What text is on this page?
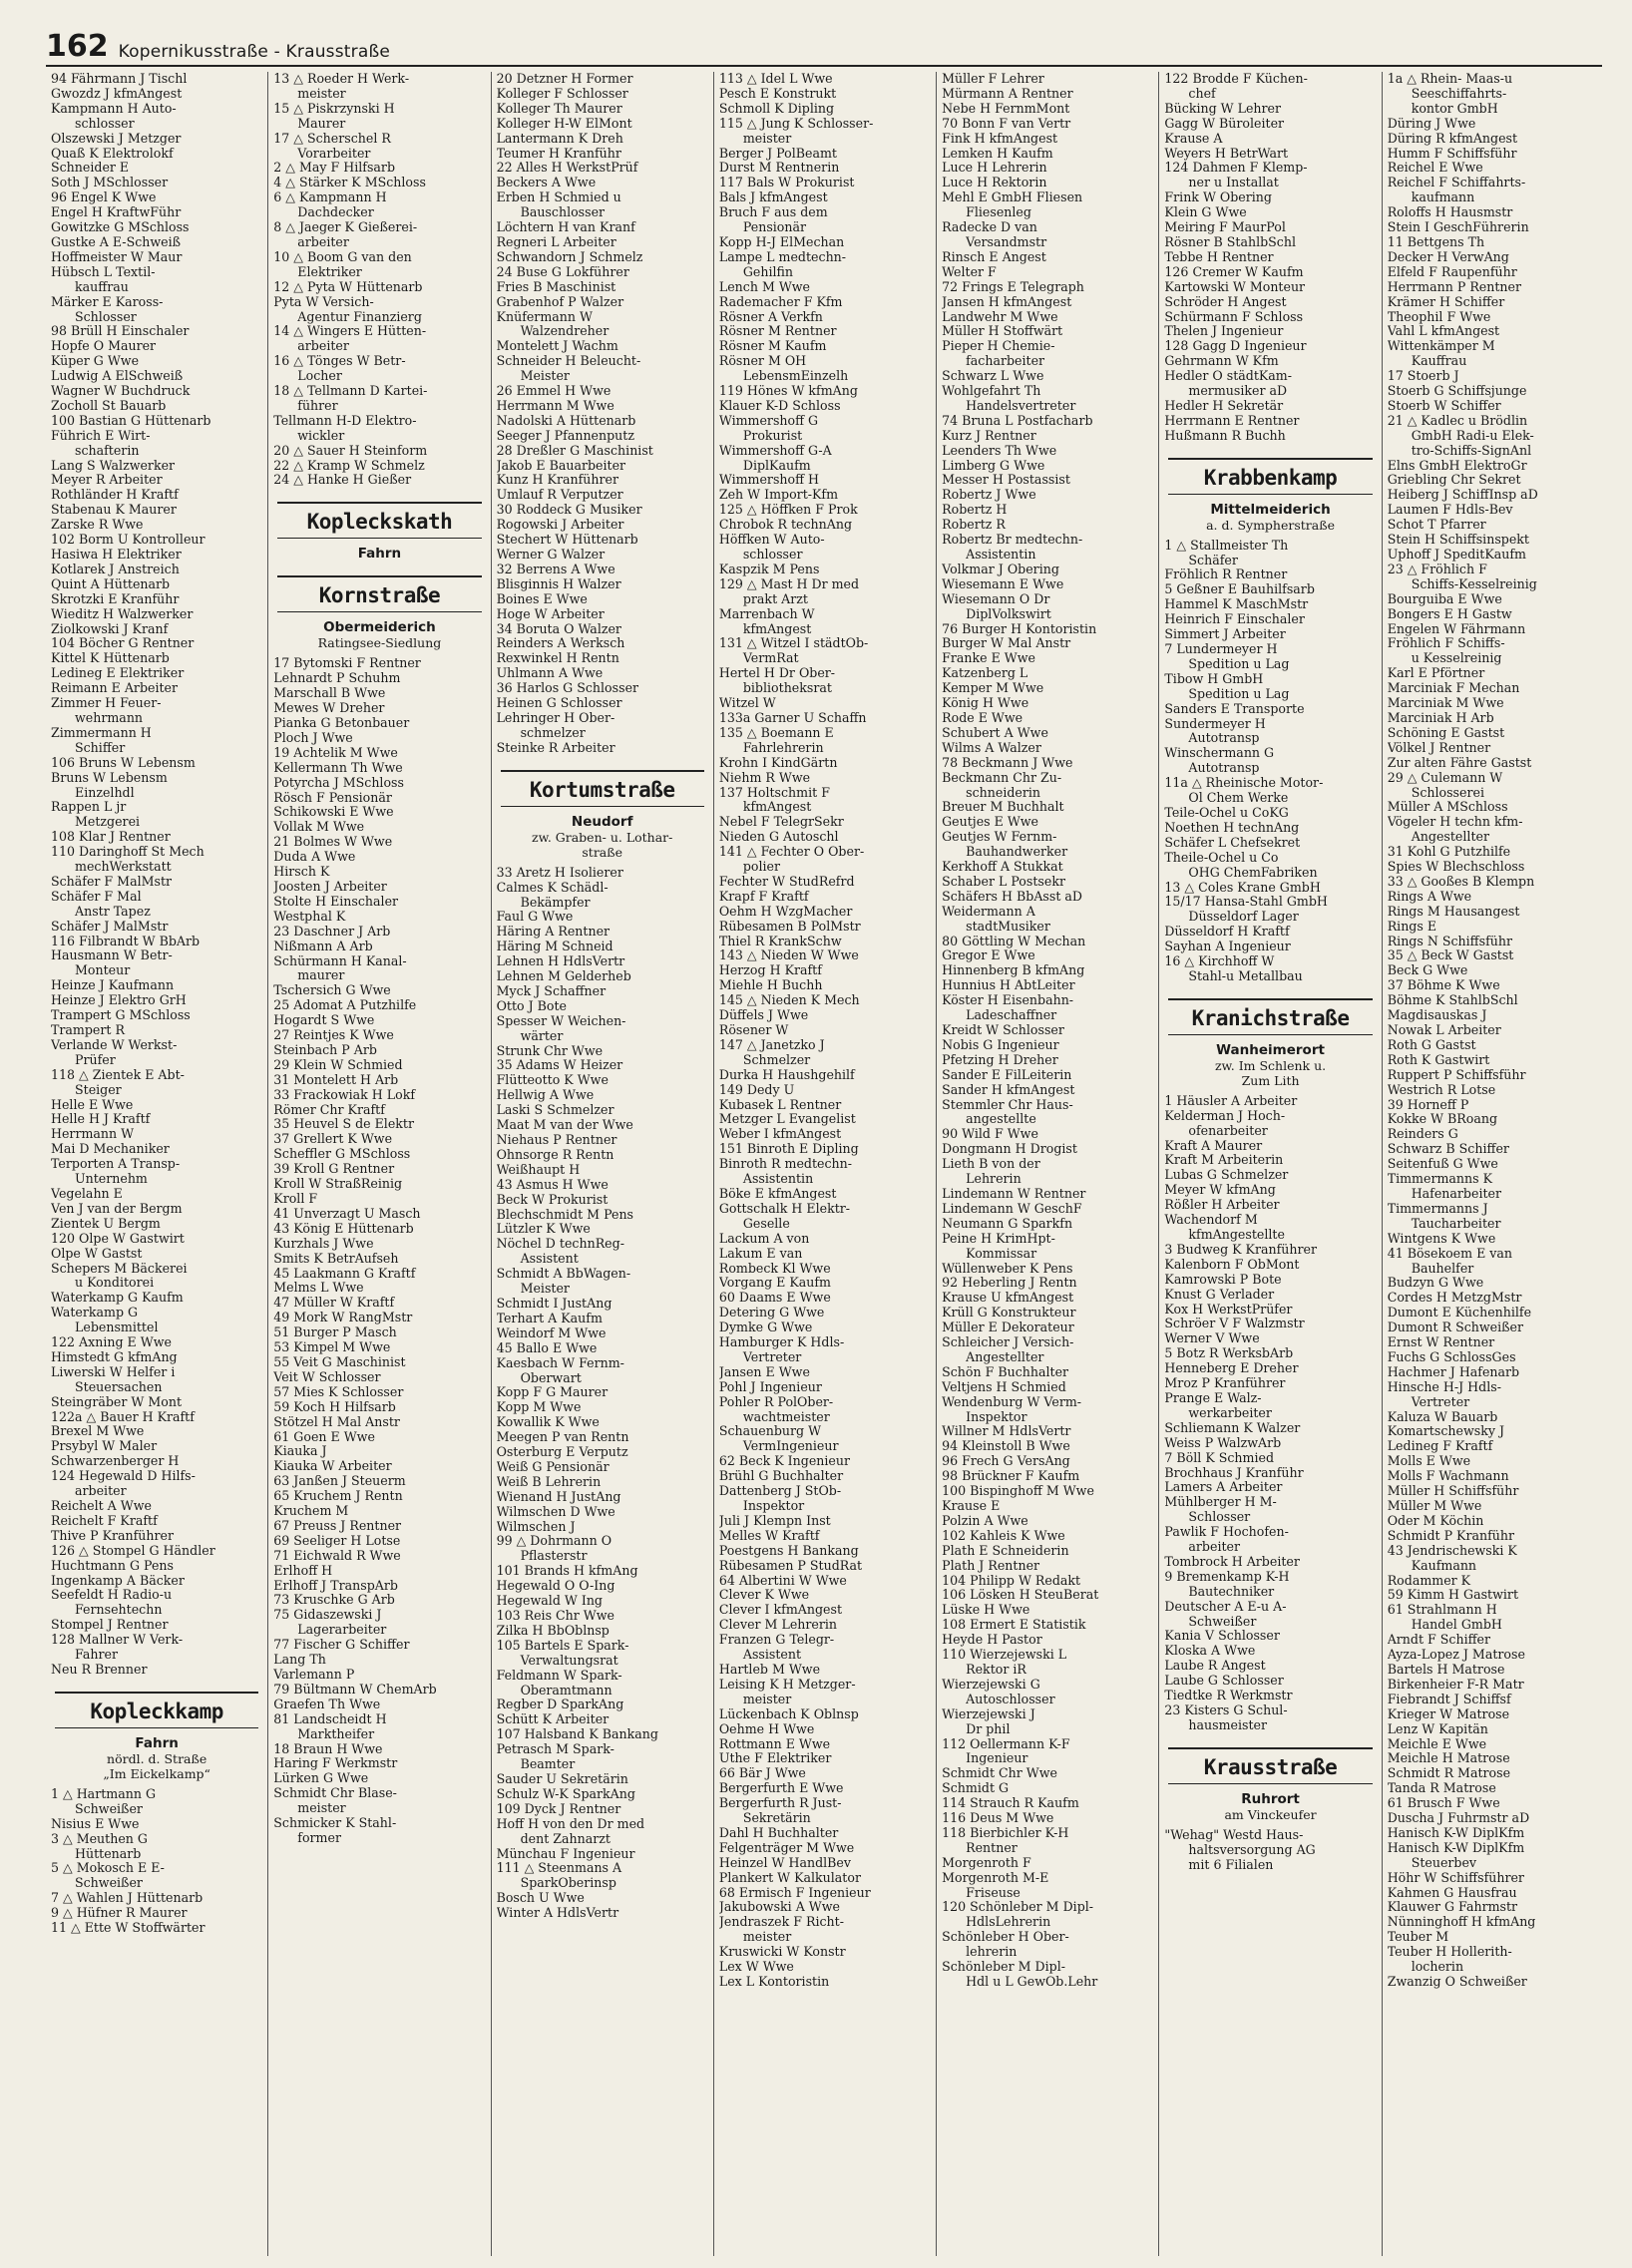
162 Kopernikusstraße - Krausstraße
94 Fährmann J Tischl
Gwozdz J kfmAngest
Kampmann H Auto-
schlosser
Olszewski J Metzger
Quaß K Elektrolokf
Schneider E
Soth J MSchlosser
96 Engel K Wwe
Engel H KraftwFühr
Gowitzke G MSchloss
Gustke A E-Schweiß
Hoffmeister W Maur
Hübsch L Textil-
kauffrau
Märker E Kaross-
Schlosser
98 Brüll H Einschaler
Hopfe O Maurer
Küper G Wwe
Ludwig A ElSchweiß
Wagner W Buchdruck
Zocholl St Bauarb
100 Bastian G Hüttenarb
Führich E Wirt-
schafterin
Lang S Walzwerker
Meyer R Arbeiter
Rothländer H Kraftf
Stabenau K Maurer
Zarske R Wwe
102 Borm U Kontrolleur
Hasiwa H Elektriker
Kotlarek J Anstreich
Quint A Hüttenarb
Skrotzki E Kranführ
Wieditz H Walzwerker
Ziolkowski J Kranf
104 Böcher G Rentner
Kittel K Hüttenarb
Ledineg E Elektriker
Reimann E Arbeiter
Zimmer H Feuer-
wehrmann
Zimmermann H
Schiffer
106 Bruns W Lebensm
Bruns W Lebensm
Einzelhdl
Rappen L jr
Metzgerei
108 Klar J Rentner
110 Daringhoff St Mech
mechWerkstatt
Schäfer F MalMstr
Schäfer F Mal
Anstr Tapez
Schäfer J MalMstr
116 Filbrandt W BbArb
Hausmann W Betr-
Monteur
Heinze J Kaufmann
Heinze J Elektro GrH
Trampert G MSchloss
Trampert R
Verlande W Werkst-
Prüfer
118 △ Zientek E Abt-
Steiger
Helle E Wwe
Helle H J Kraftf
Herrmann W
Mai D Mechaniker
Terporten A Transp-
Unternehm
Vegelahn E
Ven J van der Bergm
Zientek U Bergm
120 Olpe W Gastwirt
Olpe W Gastst
Schepers M Bäckerei
u Konditorei
Waterkamp G Kaufm
Waterkamp G
Lebensmittel
122 Axning E Wwe
Himstedt G kfmAng
Liwerski W Helfer i
Steuersachen
Steingräber W Mont
122a △ Bauer H Kraftf
Brexel M Wwe
Prsybyl W Maler
Schwarzenberger H
124 Hegewald D Hilfs-
arbeiter
Reichelt A Wwe
Reichelt F Kraftf
Thive P Kranführer
126 △ Stompel G Händler
Huchtmann G Pens
Ingenkamp A Bäcker
Seefeldt H Radio-u
Fernsehtechn
Stompel J Rentner
128 Mallner W Verk-
Fahrer
Neu R Brenner
Kopleckkamp
Fahrn
nördl. d. Straße
„Im Eickelkamp“
1 △ Hartmann G
Schweißer
Nisius E Wwe
3 △ Meuthen G
Hüttenarb
5 △ Mokosch E E-
Schweißer
7 △ Wahlen J Hüttenarb
9 △ Hüfner R Maurer
11 △ Ette W Stoffwärter
13 △ Roeder H Werk-
meister
15 △ Piskrzynski H
Maurer
17 △ Scherschel R
Vorarbeiter
2 △ May F Hilfsarb
4 △ Stärker K MSchloss
6 △ Kampmann H
Dachdecker
8 △ Jaeger K Gießerei-
arbeiter
10 △ Boom G van den
Elektriker
12 △ Pyta W Hüttenarb
Pyta W Versich-
Agentur Finanzierg
14 △ Wingers E Hütten-
arbeiter
16 △ Tönges W Betr-
Locher
18 △ Tellmann D Kartei-
führer
Tellmann H-D Elektro-
wickler
20 △ Sauer H Steinform
22 △ Kramp W Schmelz
24 △ Hanke H Gießer
Kopleckskath
Fahrn
Kornstraße
Obermeiderich
Ratingsee-Siedlung
17 Bytomski F Rentner
Lehnardt P Schuhm
Marschall B Wwe
Mewes W Dreher
Pianka G Betonbauer
Ploch J Wwe
19 Achtelik M Wwe
Kellermann Th Wwe
Potyrcha J MSchloss
Rösch F Pensionär
Schikowski E Wwe
Vollak M Wwe
21 Bolmes W Wwe
Duda A Wwe
Hirsch K
Joosten J Arbeiter
Stolte H Einschaler
Westphal K
23 Daschner J Arb
Nißmann A Arb
Schürmann H Kanal-
maurer
Tschersich G Wwe
25 Adomat A Putzhilfe
Hogardt S Wwe
27 Reintjes K Wwe
Steinbach P Arb
29 Klein W Schmied
31 Montelett H Arb
33 Frackowiak H Lokf
Römer Chr Kraftf
35 Heuvel S de Elektr
37 Grellert K Wwe
Scheffler G MSchloss
39 Kroll G Rentner
Kroll W StraßReinig
Kroll F
41 Unverzagt U Masch
43 König E Hüttenarb
Kurzhals J Wwe
Smits K BetrAufseh
45 Laakmann G Kraftf
Melms L Wwe
47 Müller W Kraftf
49 Mork W RangMstr
51 Burger P Masch
53 Kimpel M Wwe
55 Veit G Maschinist
Veit W Schlosser
57 Mies K Schlosser
59 Koch H Hilfsarb
Stötzel H Mal Anstr
61 Goen E Wwe
Kiauka J
Kiauka W Arbeiter
63 Janßen J Steuerm
65 Kruchem J Rentn
Kruchem M
67 Preuss J Rentner
69 Seeliger H Lotse
71 Eichwald R Wwe
Erlhoff H
Erlhoff J TranspArb
73 Kruschke G Arb
75 Gidaszewski J
Lagerarbeiter
77 Fischer G Schiffer
Lang Th
Varlemann P
79 Bültmann W ChemArb
Graefen Th Wwe
81 Landscheidt H
Marktheifer
18 Braun H Wwe
Haring F Werkmstr
Lürken G Wwe
Schmidt Chr Blase-
meister
Schmicker K Stahl-
former
20 Detzner H Former
Kolleger F Schlosser
Kolleger Th Maurer
Kolleger H-W ElMont
Lantermann K Dreh
Teumer H Kranführ
22 Alles H WerkstPrüf
Beckers A Wwe
Erben H Schmied u
Bauschlosser
Löchtern H van Kranf
Regneri L Arbeiter
Schwandorn J Schmelz
24 Buse G Lokführer
Fries B Maschinist
Grabenhof P Walzer
Knüfermann W
Walzendreher
Montelett J Wachm
Schneider H Beleucht-
Meister
26 Emmel H Wwe
Herrmann M Wwe
Nadolski A Hüttenarb
Seeger J Pfannenputz
28 Dreßler G Maschinist
Jakob E Bauarbeiter
Kunz H Kranführer
Umlauf R Verputzer
30 Roddeck G Musiker
Rogowski J Arbeiter
Stechert W Hüttenarb
Werner G Walzer
32 Berrens A Wwe
Blisginnis H Walzer
Boines E Wwe
Hoge W Arbeiter
34 Boruta O Walzer
Reinders A Werksch
Rexwinkel H Rentn
Uhlmann A Wwe
36 Harlos G Schlosser
Heinen G Schlosser
Lehringer H Ober-
schmelzer
Steinke R Arbeiter
Kortumstraße
Neudorf
zw. Graben- u. Lothar-
straße
33 Aretz H Isolierer
Calmes K Schädl-
Bekämpfer
Faul G Wwe
Häring A Rentner
Häring M Schneid
Lehnen H HdlsVertr
Lehnen M Gelderheb
Myck J Schaffner
Otto J Bote
Spesser W Weichen-
wärter
Strunk Chr Wwe
35 Adams W Heizer
Flütteotto K Wwe
Hellwig A Wwe
Laski S Schmelzer
Maat M van der Wwe
Niehaus P Rentner
Ohnsorge R Rentn
Weißhaupt H
43 Asmus H Wwe
Beck W Prokurist
Blechschmidt M Pens
Lützler K Wwe
Nöchel D technReg-
Assistent
Schmidt A BbWagen-
Meister
Schmidt I JustAng
Terhart A Kaufm
Weindorf M Wwe
45 Ballo E Wwe
Kaesbach W Fernm-
Oberwart
Kopp F G Maurer
Kopp M Wwe
Kowallik K Wwe
Meegen P van Rentn
Osterburg E Verputz
Weiß G Pensionär
Weiß B Lehrerin
Wienand H JustAng
Wilmschen D Wwe
Wilmschen J
99 △ Dohrmann O
Pflasterstr
101 Brands H kfmAng
Hegewald O O-Ing
Hegewald W Ing
103 Reis Chr Wwe
Zilka H BbOblnsp
105 Bartels E Spark-
Verwaltungsrat
Feldmann W Spark-
Oberamtmann
Regber D SparkAng
Schütt K Arbeiter
107 Halsband K Bankang
Petrasch M Spark-
Beamter
Sauder U Sekretärin
Schulz W-K SparkAng
109 Dyck J Rentner
Hoff H von den Dr med
dent Zahnarzt
Münchau F Ingenieur
111 △ Steenmans A
SparkOberinsp
Bosch U Wwe
Winter A HdlsVertr
113 △ Idel L Wwe
Pesch E Konstrukt
Schmoll K Dipling
115 △ Jung K Schlosser-
meister
Berger J PolBeamt
Durst M Rentnerin
117 Bals W Prokurist
Bals J kfmAngest
Bruch F aus dem
Pensionär
Kopp H-J ElMechan
Lampe L medtechn-
Gehilfin
Lench M Wwe
Rademacher F Kfm
Rösner A Verkfn
Rösner M Rentner
Rösner M Kaufm
Rösner M OH
LebensmEinzelh
119 Hönes W kfmAng
Klauer K-D Schloss
Wimmershoff G
Prokurist
Wimmershoff G-A
DiplKaufm
Wimmershoff H
Zeh W Import-Kfm
125 △ Höffken F Prok
Chrobok R technAng
Höffken W Auto-
schlosser
Kaspzik M Pens
129 △ Mast H Dr med
prakt Arzt
Marrenbach W
kfmAngest
131 △ Witzel I städtOb-
VermRat
Hertel H Dr Ober-
bibliotheksrat
Witzel W
133a Garner U Schaffn
135 △ Boemann E
Fahrlehrerin
Krohn I KindGärtn
Niehm R Wwe
137 Holtschmit F
kfmAngest
Nebel F TelegrSekr
Nieden G Autoschl
141 △ Fechter O Ober-
polier
Fechter W StudRefrd
Krapf F Kraftf
Oehm H WzgMacher
Rübesamen B PolMstr
Thiel R KrankSchw
143 △ Nieden W Wwe
Herzog H Kraftf
Miehle H Buchh
145 △ Nieden K Mech
Düffels J Wwe
Rösener W
147 △ Janetzko J
Schmelzer
Durka H Haushgehilf
149 Dedy U
Kubasek L Rentner
Metzger L Evangelist
Weber I kfmAngest
151 Binroth E Dipling
Binroth R medtechn-
Assistentin
Böke E kfmAngest
Gottschalk H Elektr-
Geselle
Lackum A von
Lakum E van
Rombeck Kl Wwe
Vorgang E Kaufm
60 Daams E Wwe
Detering G Wwe
Dymke G Wwe
Hamburger K Hdls-
Vertreter
Jansen E Wwe
Pohl J Ingenieur
Pohler R PolOber-
wachtmeister
Schauenburg W
VermIngenieur
62 Beck K Ingenieur
Brühl G Buchhalter
Dattenberg J StOb-
Inspektor
Juli J Klempn Inst
Melles W Kraftf
Poestgens H Bankang
Rübesamen P StudRat
64 Albertini W Wwe
Clever K Wwe
Clever I kfmAngest
Clever M Lehrerin
Franzen G Telegr-
Assistent
Hartleb M Wwe
Leising K H Metzger-
meister
Lückenbach K Oblnsp
Oehme H Wwe
Rottmann E Wwe
Uthe F Elektriker
66 Bär J Wwe
Bergerfurth E Wwe
Bergerfurth R Just-
Sekretärin
Dahl H Buchhalter
Felgenträger M Wwe
Heinzel W HandlBev
Plankert W Kalkulator
68 Ermisch F Ingenieur
Jakubowski A Wwe
Jendraszek F Richt-
meister
Kruswicki W Konstr
Lex W Wwe
Lex L Kontoristin
Müller F Lehrer
Mürmann A Rentner
Nebe H FernmMont
70 Bonn F van Vertr
Fink H kfmAngest
Lemken H Kaufm
Luce H Lehrerin
Luce H Rektorin
Mehl E GmbH Fliesen
Fliesenleg
Radecke D van
Versandmstr
Rinsch E Angest
Welter F
72 Frings E Telegraph
Jansen H kfmAngest
Landwehr M Wwe
Müller H Stoffwärt
Pieper H Chemie-
facharbeiter
Schwarz L Wwe
Wohlgefahrt Th
Handelsvertreter
74 Bruna L Postfacharb
Kurz J Rentner
Leenders Th Wwe
Limberg G Wwe
Messer H Postassist
Robertz J Wwe
Robertz H
Robertz R
Robertz Br medtechn-
Assistentin
Volkmar J Obering
Wiesemann E Wwe
Wiesemann O Dr
DiplVolkswirt
76 Burger H Kontoristin
Burger W Mal Anstr
Franke E Wwe
Katzenberg L
Kemper M Wwe
König H Wwe
Rode E Wwe
Schubert A Wwe
Wilms A Walzer
78 Beckmann J Wwe
Beckmann Chr Zu-
schneiderin
Breuer M Buchhalt
Geutjes E Wwe
Geutjes W Fernm-
Bauhandwerker
Kerkhoff A Stukkat
Schaber L Postsekr
Schäfers H BbAsst aD
Weidermann A
stadtMusiker
80 Göttling W Mechan
Gregor E Wwe
Hinnenberg B kfmAng
Hunnius H AbtLeiter
Köster H Eisenbahn-
Ladeschaffner
Kreidt W Schlosser
Nobis G Ingenieur
Pfetzing H Dreher
Sander E FilLeiterin
Sander H kfmAngest
Stemmler Chr Haus-
angestellte
90 Wild F Wwe
Dongmann H Drogist
Lieth B von der
Lehrerin
Lindemann W Rentner
Lindemann W GeschF
Neumann G Sparkfn
Peine H KrimHpt-
Kommissar
Wüllenweber K Pens
92 Heberling J Rentn
Krause U kfmAngest
Krüll G Konstrukteur
Müller E Dekorateur
Schleicher J Versich-
Angestellter
Schön F Buchhalter
Veltjens H Schmied
Wendenburg W Verm-
Inspektor
Willner M HdlsVertr
94 Kleinstoll B Wwe
96 Frech G VersAng
98 Brückner F Kaufm
100 Bispinghoff M Wwe
Krause E
Polzin A Wwe
102 Kahleis K Wwe
Plath E Schneiderin
Plath J Rentner
104 Philipp W Redakt
106 Lösken H SteuBerat
Lüske H Wwe
108 Ermert E Statistik
Heyde H Pastor
110 Wierzejewski L
Rektor iR
Wierzejewski G
Autoschlosser
Wierzejewski J
Dr phil
112 Oellermann K-F
Ingenieur
Schmidt Chr Wwe
Schmidt G
114 Strauch R Kaufm
116 Deus M Wwe
118 Bierbichler K-H
Rentner
Morgenroth F
Morgenroth M-E
Friseuse
120 Schönleber M Dipl-
HdlsLehrerin
Schönleber H Ober-
lehrerin
Schönleber M Dipl-
Hdl u L GewOb.Lehr
122 Brodde F Küchen-
chef
Bücking W Lehrer
Gagg W Büroleiter
Krause A
Weyers H BetrWart
124 Dahmen F Klemp-
ner u Installat
Frink W Obering
Klein G Wwe
Meiring F MaurPol
Rösner B StahlbSchl
Tebbe H Rentner
126 Cremer W Kaufm
Kartowski W Monteur
Schröder H Angest
Schürmann F Schloss
Thelen J Ingenieur
128 Gagg D Ingenieur
Gehrmann W Kfm
Hedler O städtKam-
mermusiker aD
Hedler H Sekretär
Herrmann E Rentner
Hußmann R Buchh
Krabbenkamp
Mittelmeiderich
a. d. Sympherstraße
1 △ Stallmeister Th
Schäfer
Fröhlich R Rentner
5 Geßner E Bauhilfsarb
Hammel K MaschMstr
Heinrich F Einschaler
Simmert J Arbeiter
7 Lundermeyer H
Spedition u Lag
Tibow H GmbH
Spedition u Lag
Sanders E Transporte
Sundermeyer H
Autotransp
Winschermann G
Autotransp
11a △ Rheinische Motor-
Öl Chem Werke
Teile-Ochel u CoKG
Noethen H technAng
Schäfer L Chefsekret
Theile-Ochel u Co
OHG ChemFabriken
13 △ Coles Krane GmbH
15/17 Hansa-Stahl GmbH
Düsseldorf Lager
Düsseldorf H Kraftf
Sayhan A Ingenieur
16 △ Kirchhoff W
Stahl-u Metallbau
Kranichstraße
Wanheimerort
zw. Im Schlenk u.
Zum Lith
1 Häusler A Arbeiter
Kelderman J Hoch-
ofenarbeiter
Kraft A Maurer
Kraft M Arbeiterin
Lubas G Schmelzer
Meyer W kfmAng
Rößler H Arbeiter
Wachendorf M
kfmAngestellte
3 Budweg K Kranführer
Kalenborn F ObMont
Kamrowski P Bote
Knust G Verlader
Kox H WerkstPrüfer
Schröer V F Walzmstr
Werner V Wwe
5 Botz R WerksbArb
Henneberg E Dreher
Mroz P Kranführer
Prange E Walz-
werkarbeiter
Schliemann K Walzer
Weiss P WalzwArb
7 Böll K Schmied
Brochhaus J Kranführ
Lamers A Arbeiter
Mühlberger H M-
Schlosser
Pawlik F Hochofen-
arbeiter
Tombrock H Arbeiter
9 Bremenkamp K-H
Bautechniker
Deutscher A E-u A-
Schweißer
Kania V Schlosser
Kloska A Wwe
Laube R Angest
Laube G Schlosser
Tiedtke R Werkmstr
23 Kisters G Schul-
hausmeister
Krausstraße
Ruhrort
am Vinckeufer
"Wehag" Westd Haus-
haltsversorgung AG
mit 6 Filialen
1a △ Rhein- Maas-u
Seeschiffahrts-
kontor GmbH
Düring J Wwe
Düring R kfmAngest
Humm F Schiffsführ
Reichel E Wwe
Reichel F Schiffahrts-
kaufmann
Roloffs H Hausmstr
Stein I GeschFührerin
11 Bettgens Th
Decker H VerwAng
Elfeld F Raupenführ
Herrmann P Rentner
Krämer H Schiffer
Theophil F Wwe
Vahl L kfmAngest
Wittenkämper M
Kauffrau
17 Stoerb J
Stoerb G Schiffsjunge
Stoerb W Schiffer
21 △ Kadlec u Brödlin
GmbH Radi-u Elek-
tro-Schiffs-SignAnl
Elns GmbH ElektroGr
Griebling Chr Sekret
Heiberg J SchiffInsp aD
Laumen F Hdls-Bev
Schot T Pfarrer
Stein H Schiffsinspekt
Uphoff J SpeditKaufm
23 △ Fröhlich F
Schiffs-Kesselreinig
Bourguiba E Wwe
Bongers E H Gastw
Engelen W Fährmann
Fröhlich F Schiffs-
u Kesselreinig
Karl E Pförtner
Marciniak F Mechan
Marciniak M Wwe
Marciniak H Arb
Schöning E Gastst
Völkel J Rentner
Zur alten Fähre Gastst
29 △ Culemann W
Schlosserei
Müller A MSchloss
Vögeler H techn kfm-
Angestellter
31 Kohl G Putzhilfe
Spies W Blechschloss
33 △ Gooßes B Klempn
Rings A Wwe
Rings M Hausangest
Rings E
Rings N Schiffsführ
35 △ Beck W Gastst
Beck G Wwe
37 Böhme K Wwe
Böhme K StahlbSchl
Magdisauskas J
Nowak L Arbeiter
Roth G Gastst
Roth K Gastwirt
Ruppert P Schiffsführ
Westrich R Lotse
39 Horneff P
Kokke W BRoang
Reinders G
Schwarz B Schiffer
Seitenfuß G Wwe
Timmermanns K
Hafenarbeiter
Timmermanns J
Taucharbeiter
Wintgens K Wwe
41 Bösekoem E van
Bauhelfer
Budzyn G Wwe
Cordes H MetzgMstr
Dumont E Küchenhilfe
Dumont R Schweißer
Ernst W Rentner
Fuchs G SchlossGes
Hachmer J Hafenarb
Hinsche H-J Hdls-
Vertreter
Kaluza W Bauarb
Komartschewsky J
Ledineg F Kraftf
Molls E Wwe
Molls F Wachmann
Müller H Schiffsführ
Müller M Wwe
Oder M Köchin
Schmidt P Kranführ
43 Jendrischewski K
Kaufmann
Rodammer K
59 Kimm H Gastwirt
61 Strahlmann H
Handel GmbH
Arndt F Schiffer
Ayza-Lopez J Matrose
Bartels H Matrose
Birkenheier F-R Matr
Fiebrandt J Schiffsf
Krieger W Matrose
Lenz W Kapitän
Meichle E Wwe
Meichle H Matrose
Schmidt R Matrose
Tanda R Matrose
61 Brusch F Wwe
Duscha J Fuhrmstr aD
Hanisch K-W DiplKfm
Hanisch K-W DiplKfm
Steuerbev
Höhr W Schiffsführer
Kahmen G Hausfrau
Klauwer G Fahrmstr
Nünninghoff H kfmAng
Teuber M
Teuber H Hollerith-
locherin
Zwanzig O Schweißer
